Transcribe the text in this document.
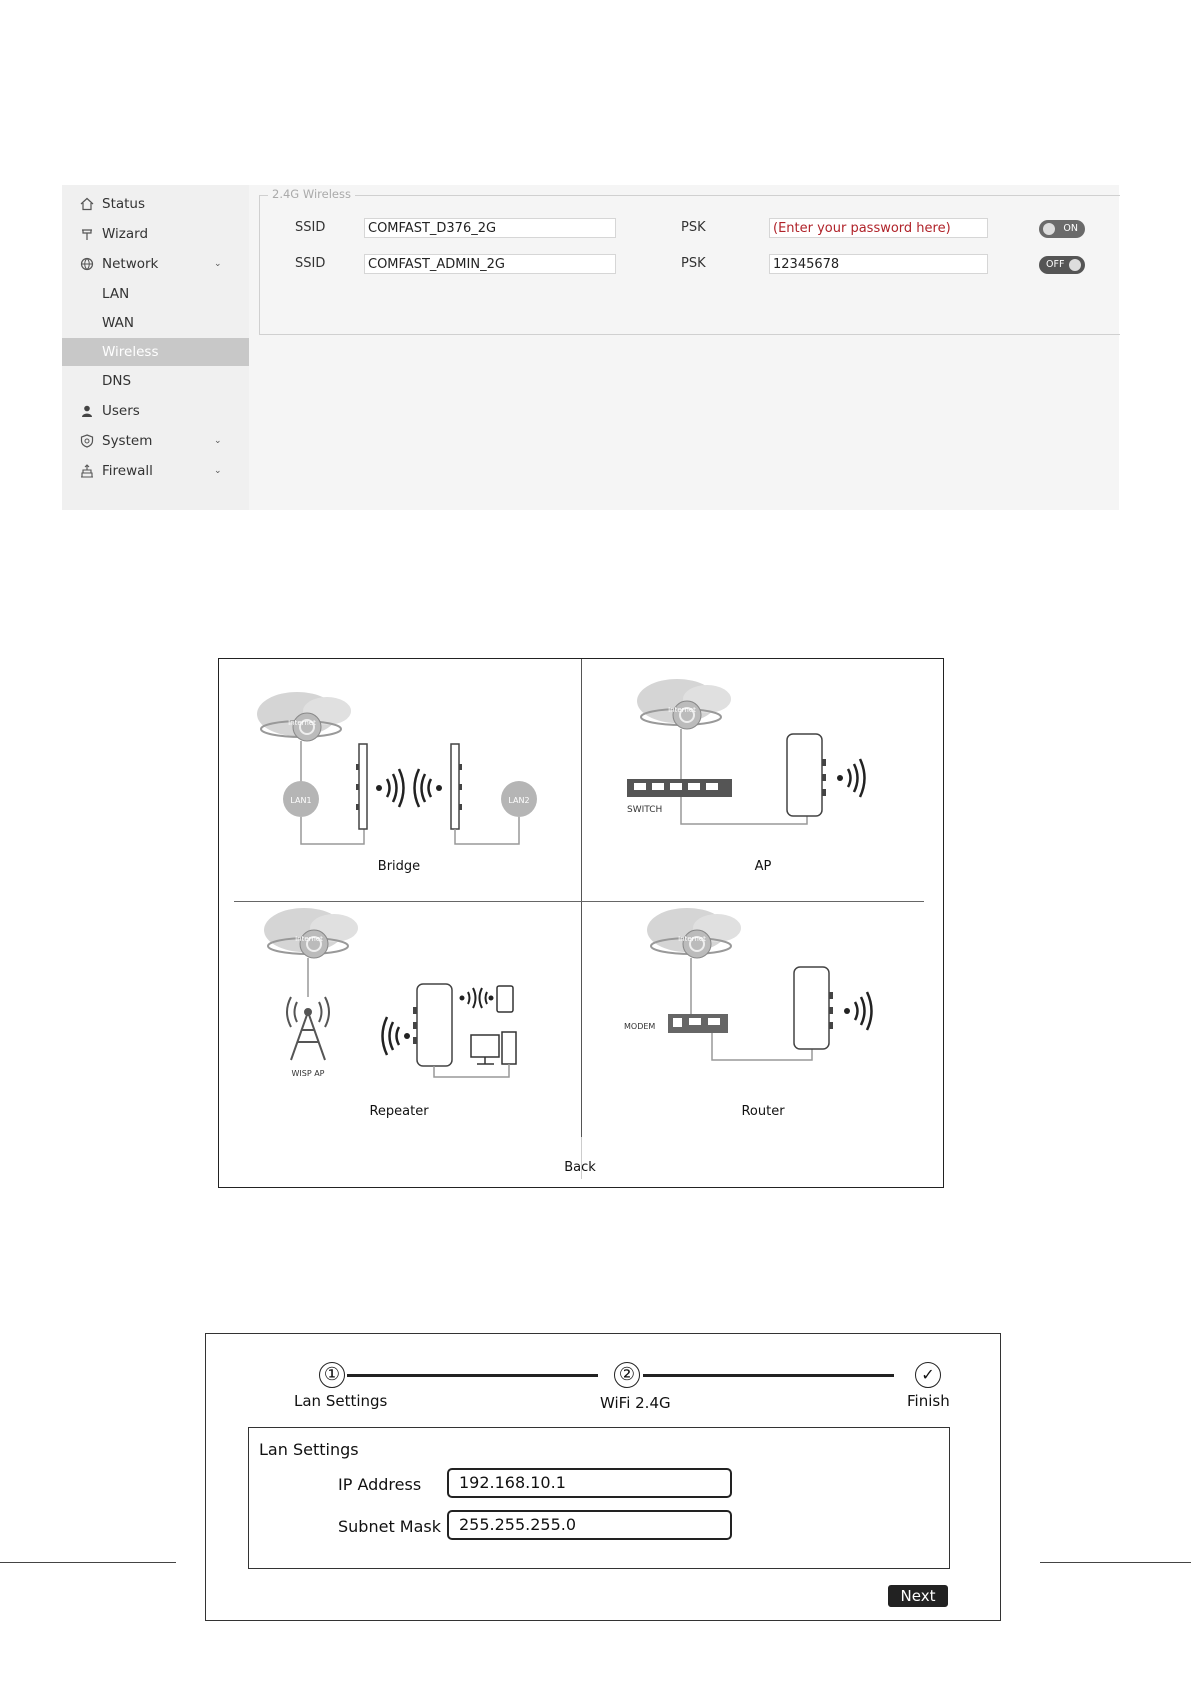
Status
Wizard
Network	⌄
LAN
WAN
Wireless
DNS
Users
System	⌄
Firewall	⌄
2.4G Wireless
SSID	COMFAST_D376_2G	PSK	(Enter your password here)	ON
SSID	COMFAST_ADMIN_2G	PSK	12345678	OFF
Internet
LAN1	LAN2
Bridge
Internet
SWITCH
AP
Internet
WISP AP
Repeater
Internet
MODEM
Router
Back
①	②	✓
Lan Settings	WiFi 2.4G	Finish
Lan Settings
IP Address	192.168.10.1
Subnet Mask	255.255.255.0
Next
